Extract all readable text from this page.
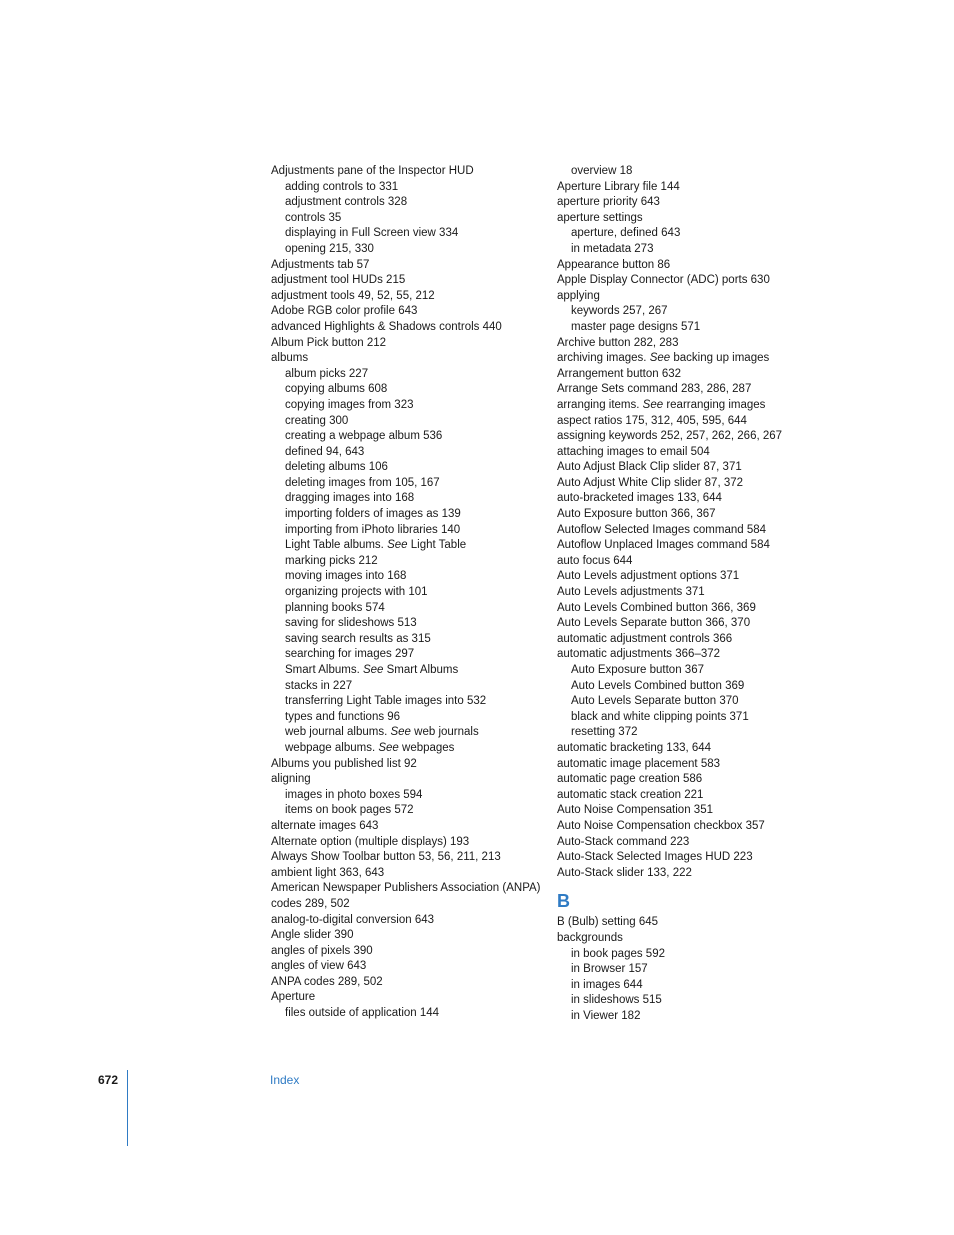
Adjustments pane of the Inspector HUD
adding controls to 331
adjustment controls 328
controls 35
displaying in Full Screen view 334
opening 215, 330
Adjustments tab 57
adjustment tool HUDs 215
adjustment tools 49, 52, 55, 212
Adobe RGB color profile 643
advanced Highlights & Shadows controls 440
Album Pick button 212
albums
album picks 227
copying albums 608
copying images from 323
creating 300
creating a webpage album 536
defined 94, 643
deleting albums 106
deleting images from 105, 167
dragging images into 168
importing folders of images as 139
importing from iPhoto libraries 140
Light Table albums. See Light Table
marking picks 212
moving images into 168
organizing projects with 101
planning books 574
saving for slideshows 513
saving search results as 315
searching for images 297
Smart Albums. See Smart Albums
stacks in 227
transferring Light Table images into 532
types and functions 96
web journal albums. See web journals
webpage albums. See webpages
Albums you published list 92
aligning
images in photo boxes 594
items on book pages 572
alternate images 643
Alternate option (multiple displays) 193
Always Show Toolbar button 53, 56, 211, 213
ambient light 363, 643
American Newspaper Publishers Association (ANPA)
codes 289, 502
analog-to-digital conversion 643
Angle slider 390
angles of pixels 390
angles of view 643
ANPA codes 289, 502
Aperture
files outside of application 144
overview 18
Aperture Library file 144
aperture priority 643
aperture settings
aperture, defined 643
in metadata 273
Appearance button 86
Apple Display Connector (ADC) ports 630
applying
keywords 257, 267
master page designs 571
Archive button 282, 283
archiving images. See backing up images
Arrangement button 632
Arrange Sets command 283, 286, 287
arranging items. See rearranging images
aspect ratios 175, 312, 405, 595, 644
assigning keywords 252, 257, 262, 266, 267
attaching images to email 504
Auto Adjust Black Clip slider 87, 371
Auto Adjust White Clip slider 87, 372
auto-bracketed images 133, 644
Auto Exposure button 366, 367
Autoflow Selected Images command 584
Autoflow Unplaced Images command 584
auto focus 644
Auto Levels adjustment options 371
Auto Levels adjustments 371
Auto Levels Combined button 366, 369
Auto Levels Separate button 366, 370
automatic adjustment controls 366
automatic adjustments 366–372
Auto Exposure button 367
Auto Levels Combined button 369
Auto Levels Separate button 370
black and white clipping points 371
resetting 372
automatic bracketing 133, 644
automatic image placement 583
automatic page creation 586
automatic stack creation 221
Auto Noise Compensation 351
Auto Noise Compensation checkbox 357
Auto-Stack command 223
Auto-Stack Selected Images HUD 223
Auto-Stack slider 133, 222
B
B (Bulb) setting 645
backgrounds
in book pages 592
in Browser 157
in images 644
in slideshows 515
in Viewer 182
672	Index
